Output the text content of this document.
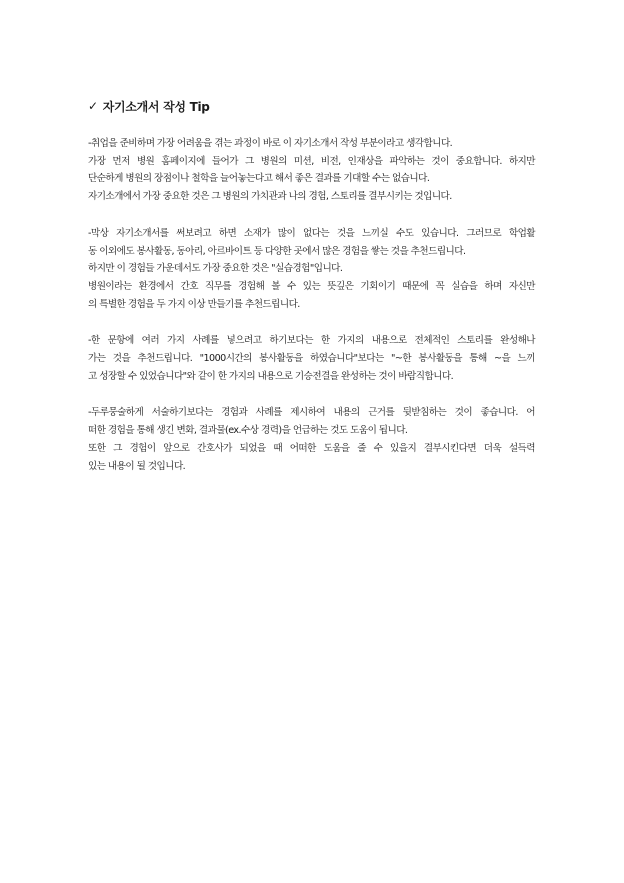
✓ 자기소개서 작성 Tip
-취업을 준비하며 가장 어려움을 겪는 과정이 바로 이 자기소개서 작성 부분이라고 생각합니다.
가장 먼저 병원 홈페이지에 들어가 그 병원의 미션, 비전, 인재상을 파악하는 것이 중요합니다. 하지만
단순하게 병원의 장점이나 철학을 늘어놓는다고 해서 좋은 결과를 기대할 수는 없습니다.
자기소개에서 가장 중요한 것은 그 병원의 가치관과 나의 경험, 스토리를 결부시키는 것입니다.
-막상 자기소개서를 써보려고 하면 소재가 많이 없다는 것을 느끼실 수도 있습니다. 그러므로 학업활
동 이외에도 봉사활동, 동아리, 아르바이트 등 다양한 곳에서 많은 경험을 쌓는 것을 추천드립니다.
하지만 이 경험들 가운데서도 가장 중요한 것은 "실습경험"입니다.
병원이라는 환경에서 간호 직무를 경험해 볼 수 있는 뜻깊은 기회이기 때문에 꼭 실습을 하며 자신만
의 특별한 경험을 두 가지 이상 만들기를 추천드립니다.
-한 문항에 여러 가지 사례를 넣으려고 하기보다는 한 가지의 내용으로 전체적인 스토리를 완성해나
가는 것을 추천드립니다. "1000시간의 봉사활동을 하였습니다"보다는 "~한 봉사활동을 통해 ~을 느끼
고 성장할 수 있었습니다"와 같이 한 가지의 내용으로 기승전결을 완성하는 것이 바람직합니다.
-두루뭉술하게 서술하기보다는 경험과 사례를 제시하여 내용의 근거를 뒷받침하는 것이 좋습니다. 어
떠한 경험을 통해 생긴 변화, 결과물(ex.수상 경력)을 언급하는 것도 도움이 됩니다.
또한 그 경험이 앞으로 간호사가 되었을 때 어떠한 도움을 줄 수 있을지 결부시킨다면 더욱 설득력
있는 내용이 될 것입니다.
